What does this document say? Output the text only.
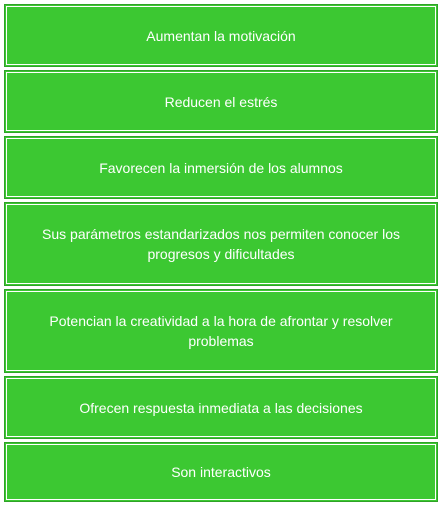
Aumentan la motivación
Reducen el estrés
Favorecen la inmersión de los alumnos
Sus parámetros estandarizados nos permiten conocer los progresos y dificultades
Potencian la creatividad a la hora de afrontar y resolver problemas
Ofrecen respuesta inmediata a las decisiones
Son interactivos
